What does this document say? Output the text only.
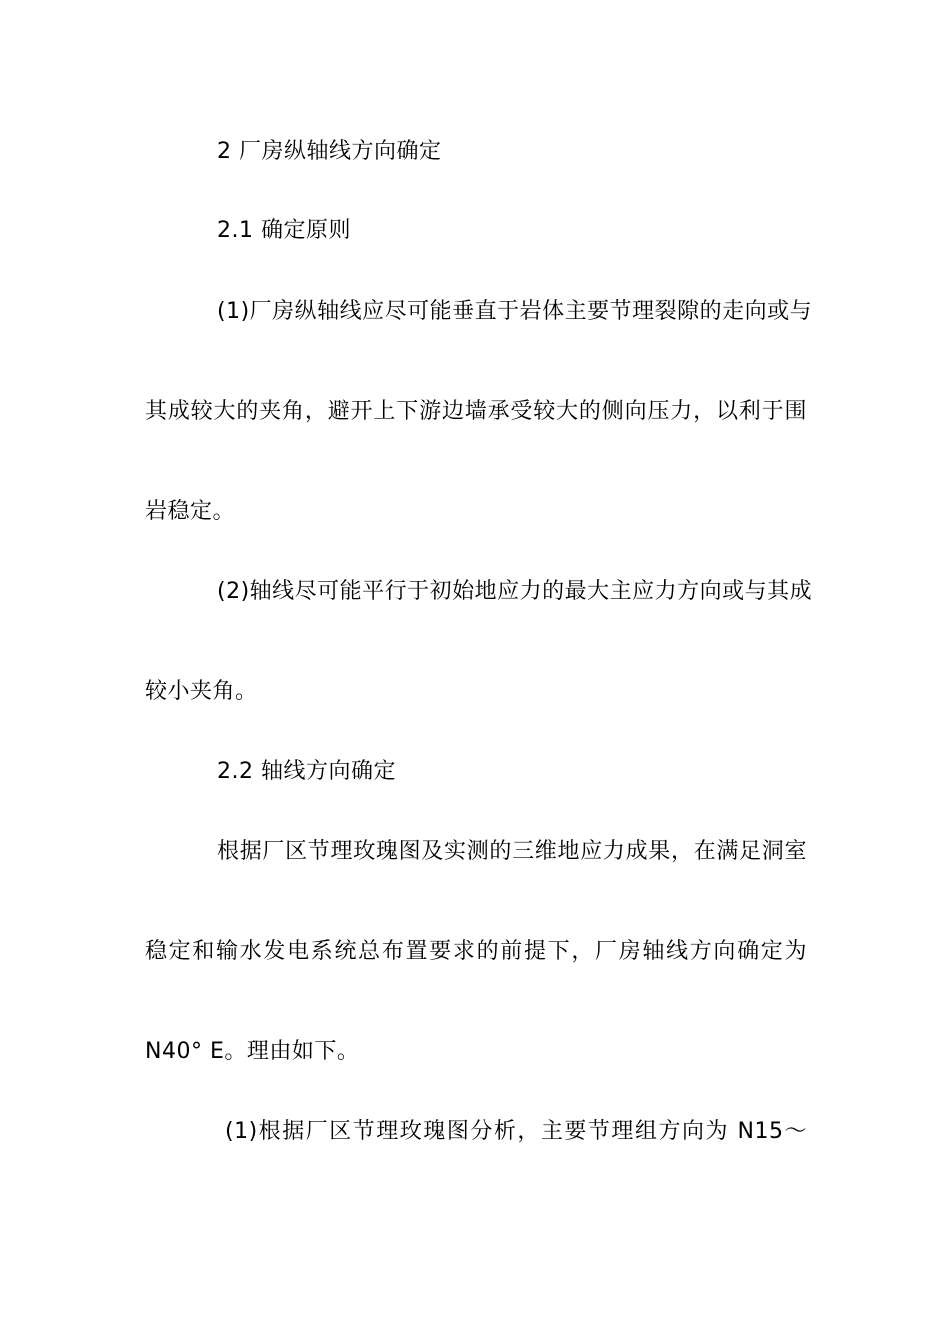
2 厂房纵轴线方向确定
2.1 确定原则
(1)厂房纵轴线应尽可能垂直于岩体主要节理裂隙的走向或与
其成较大的夹角，避开上下游边墙承受较大的侧向压力，以利于围
岩稳定。
(2)轴线尽可能平行于初始地应力的最大主应力方向或与其成
较小夹角。
2.2 轴线方向确定
根据厂区节理玫瑰图及实测的三维地应力成果，在满足洞室
稳定和输水发电系统总布置要求的前提下，厂房轴线方向确定为
N40° E。理由如下。
(1)根据厂区节理玫瑰图分析，主要节理组方向为 N15～
